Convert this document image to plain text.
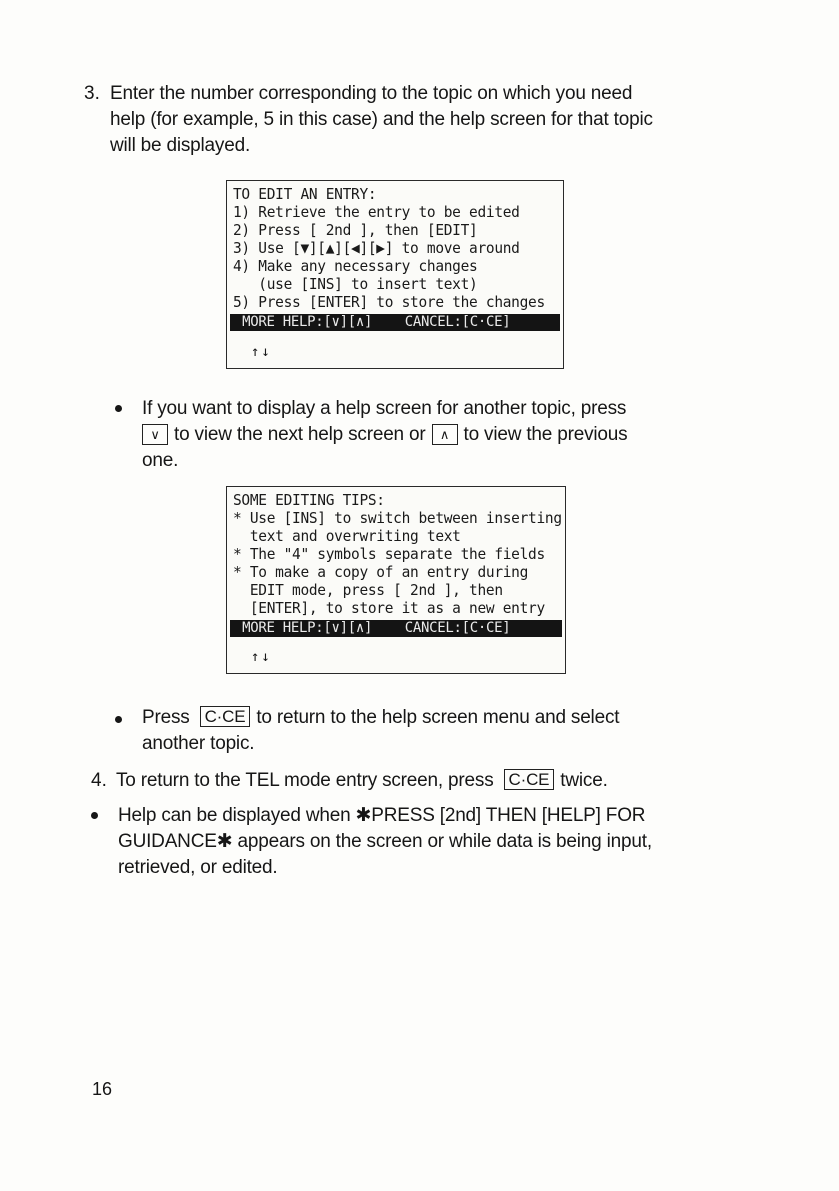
3. Enter the number corresponding to the topic on which you need
help (for example, 5 in this case) and the help screen for that topic
will be displayed.
TO EDIT AN ENTRY:
1) Retrieve the entry to be edited
2) Press [ 2nd ], then [EDIT]
3) Use [▼][▲][◀][▶] to move around
4) Make any necessary changes
(use [INS] to insert text)
5) Press [ENTER] to store the changes
MORE HELP:[∨][∧]    CANCEL:[C·CE]
↑↓
If you want to display a help screen for another topic, press
∨ to view the next help screen or ∧ to view the previous
one.
SOME EDITING TIPS:
* Use [INS] to switch between inserting
text and overwriting text
* The "4" symbols separate the fields
* To make a copy of an entry during
EDIT mode, press [ 2nd ], then
[ENTER], to store it as a new entry
MORE HELP:[∨][∧]    CANCEL:[C·CE]
↑↓
Press C·CE to return to the help screen menu and select
another topic.
4. To return to the TEL mode entry screen, press C·CE twice.
Help can be displayed when ✱PRESS [2nd] THEN [HELP] FOR
GUIDANCE✱ appears on the screen or while data is being input,
retrieved, or edited.
16
